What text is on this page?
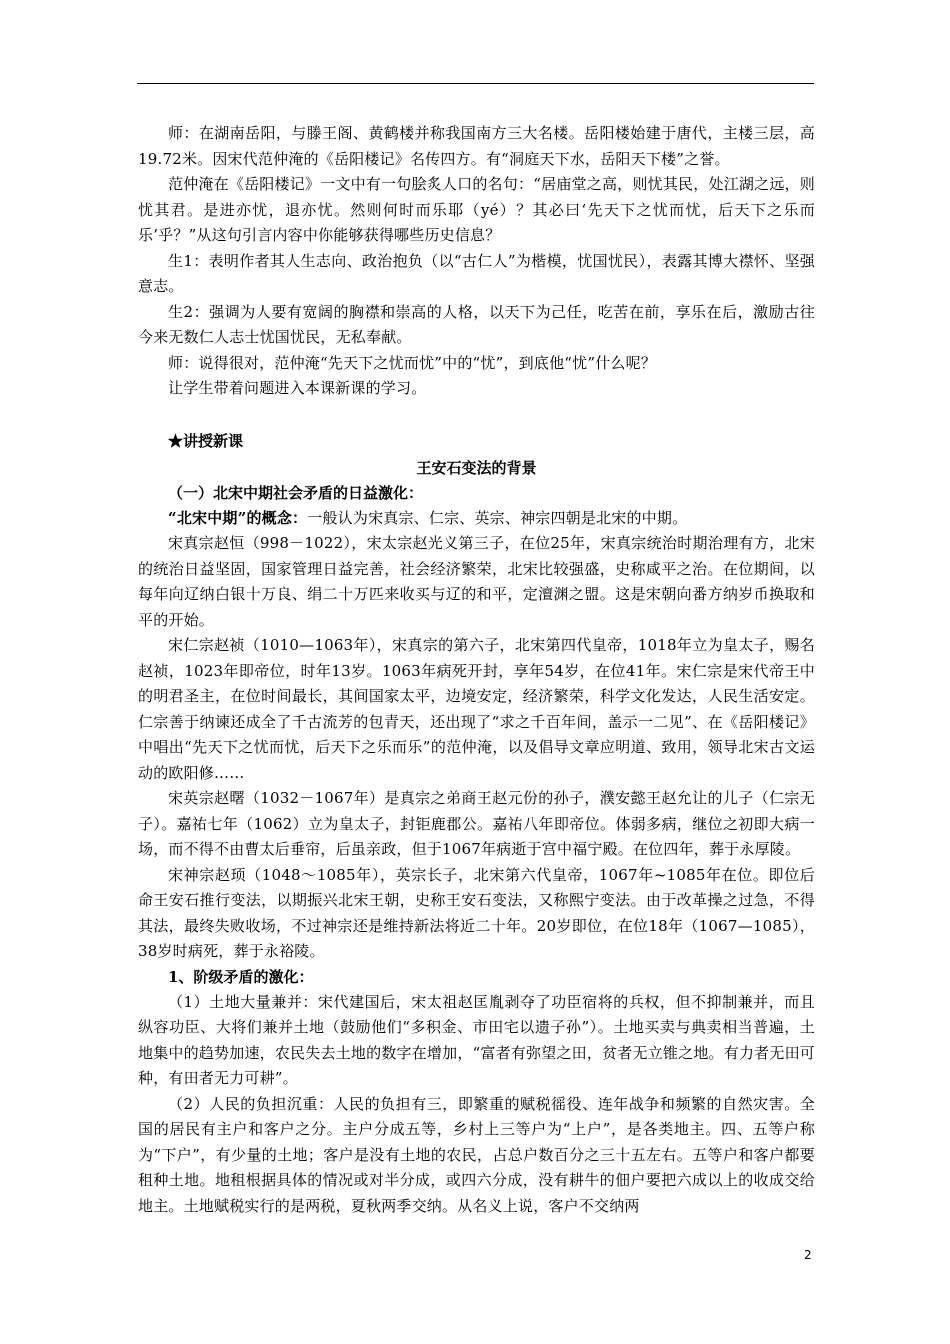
师：在湖南岳阳，与滕王阁、黄鹤楼并称我国南方三大名楼。岳阳楼始建于唐代，主楼三层，高19.72米。因宋代范仲淹的《岳阳楼记》名传四方。有“洞庭天下水，岳阳天下楼”之誉。

范仲淹在《岳阳楼记》一文中有一句脍炙人口的名句：“居庙堂之高，则忧其民，处江湖之远，则忧其君。是进亦忧，退亦忧。然则何时而乐耶（yé）？其必曰‘先天下之忧而忧，后天下之乐而乐’乎？”从这句引言内容中你能够获得哪些历史信息？

生1：表明作者其人生志向、政治抱负（以“古仁人”为楷模，忧国忧民），表露其博大襟怀、坚强意志。

生2：强调为人要有宽阔的胸襟和崇高的人格，以天下为己任，吃苦在前，享乐在后，激励古往今来无数仁人志士忧国忧民，无私奉献。

师：说得很对，范仲淹“先天下之忧而忧”中的“忧”，到底他“忧”什么呢？

让学生带着问题进入本课新课的学习。

★讲授新课
王安石变法的背景
（一）北宋中期社会矛盾的日益激化：

“北宋中期”的概念：一般认为宋真宗、仁宗、英宗、神宗四朝是北宋的中期。

宋真宗赵恒（998－1022），宋太宗赵光义第三子，在位25年，宋真宗统治时期治理有方，北宋的统治日益坚固，国家管理日益完善，社会经济繁荣，北宋比较强盛，史称咸平之治。在位期间，以每年向辽纳白银十万良、绢二十万匹来收买与辽的和平，定澶渊之盟。这是宋朝向番方纳岁币换取和平的开始。

宋仁宗赵祯（1010—1063年），宋真宗的第六子，北宋第四代皇帝，1018年立为皇太子，赐名赵祯，1023年即帝位，时年13岁。1063年病死开封，享年54岁，在位41年。宋仁宗是宋代帝王中的明君圣主，在位时间最长，其间国家太平，边境安定，经济繁荣，科学文化发达，人民生活安定。仁宗善于纳谏还成全了千古流芳的包青天，还出现了“求之千百年间，盖示一二见”、在《岳阳楼记》中唱出“先天下之忧而忧，后天下之乐而乐”的范仲淹，以及倡导文章应明道、致用，领导北宋古文运动的欧阳修……

宋英宗赵曙（1032－1067年）是真宗之弟商王赵元份的孙子，濮安懿王赵允让的儿子（仁宗无子）。嘉祐七年（1062）立为皇太子，封钜鹿郡公。嘉祐八年即帝位。体弱多病，继位之初即大病一场，而不得不由曹太后垂帘，后虽亲政，但于1067年病逝于宫中福宁殿。在位四年，葬于永厚陵。

宋神宗赵顼（1048～1085年），英宗长子，北宋第六代皇帝，1067年~1085年在位。即位后命王安石推行变法，以期振兴北宋王朝，史称王安石变法，又称熙宁变法。由于改革操之过急，不得其法，最终失败收场，不过神宗还是维持新法将近二十年。20岁即位，在位18年（1067—1085），38岁时病死，葬于永裕陵。

1、阶级矛盾的激化：

（1）土地大量兼并：宋代建国后，宋太祖赵匡胤剥夺了功臣宿将的兵权，但不抑制兼并，而且纵容功臣、大将们兼并土地（鼓励他们“多积金、市田宅以遗子孙”）。土地买卖与典卖相当普遍，土地集中的趋势加速，农民失去土地的数字在增加，“富者有弥望之田，贫者无立锥之地。有力者无田可种，有田者无力可耕”。

（2）人民的负担沉重：人民的负担有三，即繁重的赋税徭役、连年战争和频繁的自然灾害。全国的居民有主户和客户之分。主户分成五等，乡村上三等户为“上户”，是各类地主。四、五等户称为“下户”，有少量的土地；客户是没有土地的农民，占总户数百分之三十五左右。五等户和客户都要租种土地。地租根据具体的情况或对半分成，或四六分成，没有耕牛的佃户要把六成以上的收成交给地主。土地赋税实行的是两税，夏秋两季交纳。从名义上说，客户不交纳两

2
